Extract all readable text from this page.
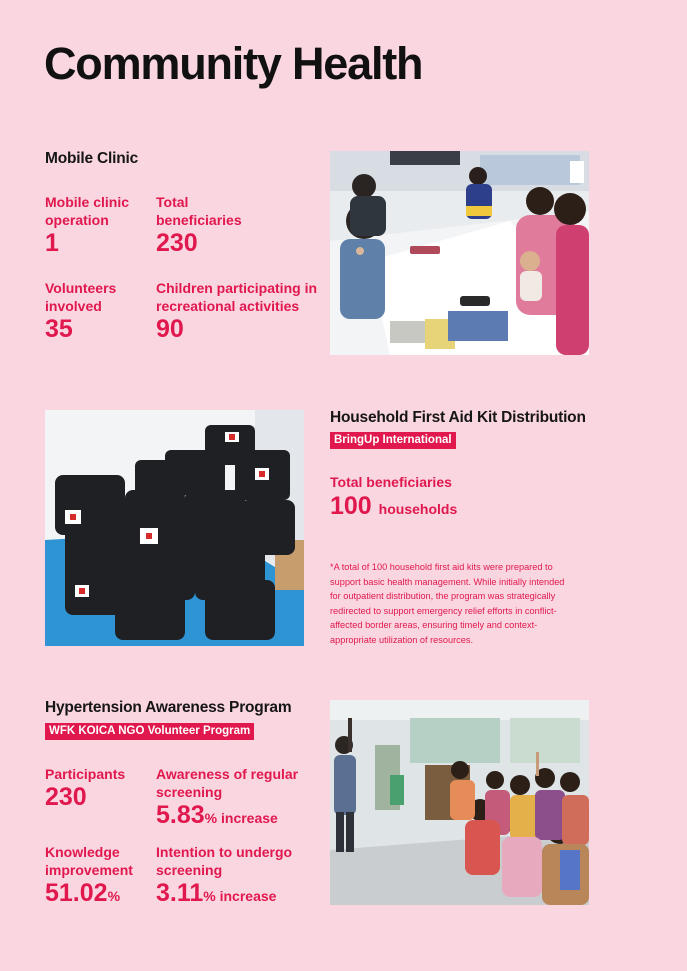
Community Health
Mobile Clinic
Mobile clinic
operation
1
Total
beneficiaries
230
Volunteers
involved
35
Children participating in
recreational activities
90
Household First Aid Kit Distribution
BringUp International
Total beneficiaries
100 households
*A total of 100 household first aid kits were prepared to
support basic health management. While initially intended
for outpatient distribution, the program was strategically
redirected to support emergency relief efforts in conflict-
affected border areas, ensuring timely and context-
appropriate utilization of resources.
Hypertension Awareness Program
WFK KOICA NGO Volunteer Program
Participants
230
Awareness of regular
screening
5.83% increase
Knowledge
improvement
51.02%
Intention to undergo
screening
3.11% increase
